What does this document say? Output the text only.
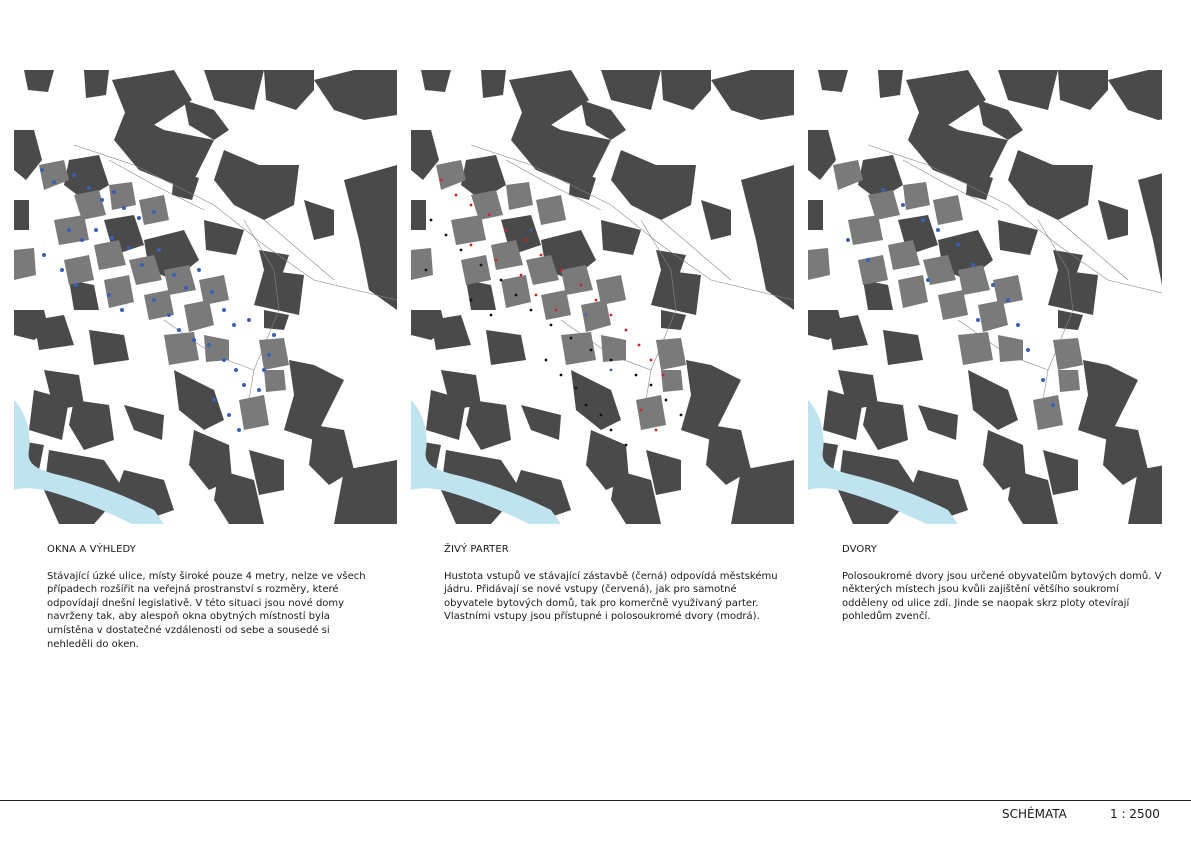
OKNA A VÝHLEDY

Stávající úzké ulice, místy široké pouze 4 metry, nelze ve všech případech rozšířit na veřejná prostranství s rozměry, které odpovídají dnešní legislativě. V této situaci jsou nové domy navrženy tak, aby alespoň okna obytných místností byla umístěna v dostatečné vzdálenosti od sebe a sousedé si nehleděli do oken.

ŽIVÝ PARTER

Hustota vstupů ve stávající zástavbě (černá) odpovídá městskému jádru. Přidávají se nové vstupy (červená), jak pro samotné obyvatele bytových domů, tak pro komerčně využívaný parter. Vlastními vstupy jsou přístupné i polosoukromé dvory (modrá).

DVORY

Polosoukromé dvory jsou určené obyvatelům bytových domů. V některých místech jsou kvůli zajištění většího soukromí odděleny od ulice zdí. Jinde se naopak skrz ploty otevírají pohledům zvenčí.

SCHÉMATA	1 : 2500
